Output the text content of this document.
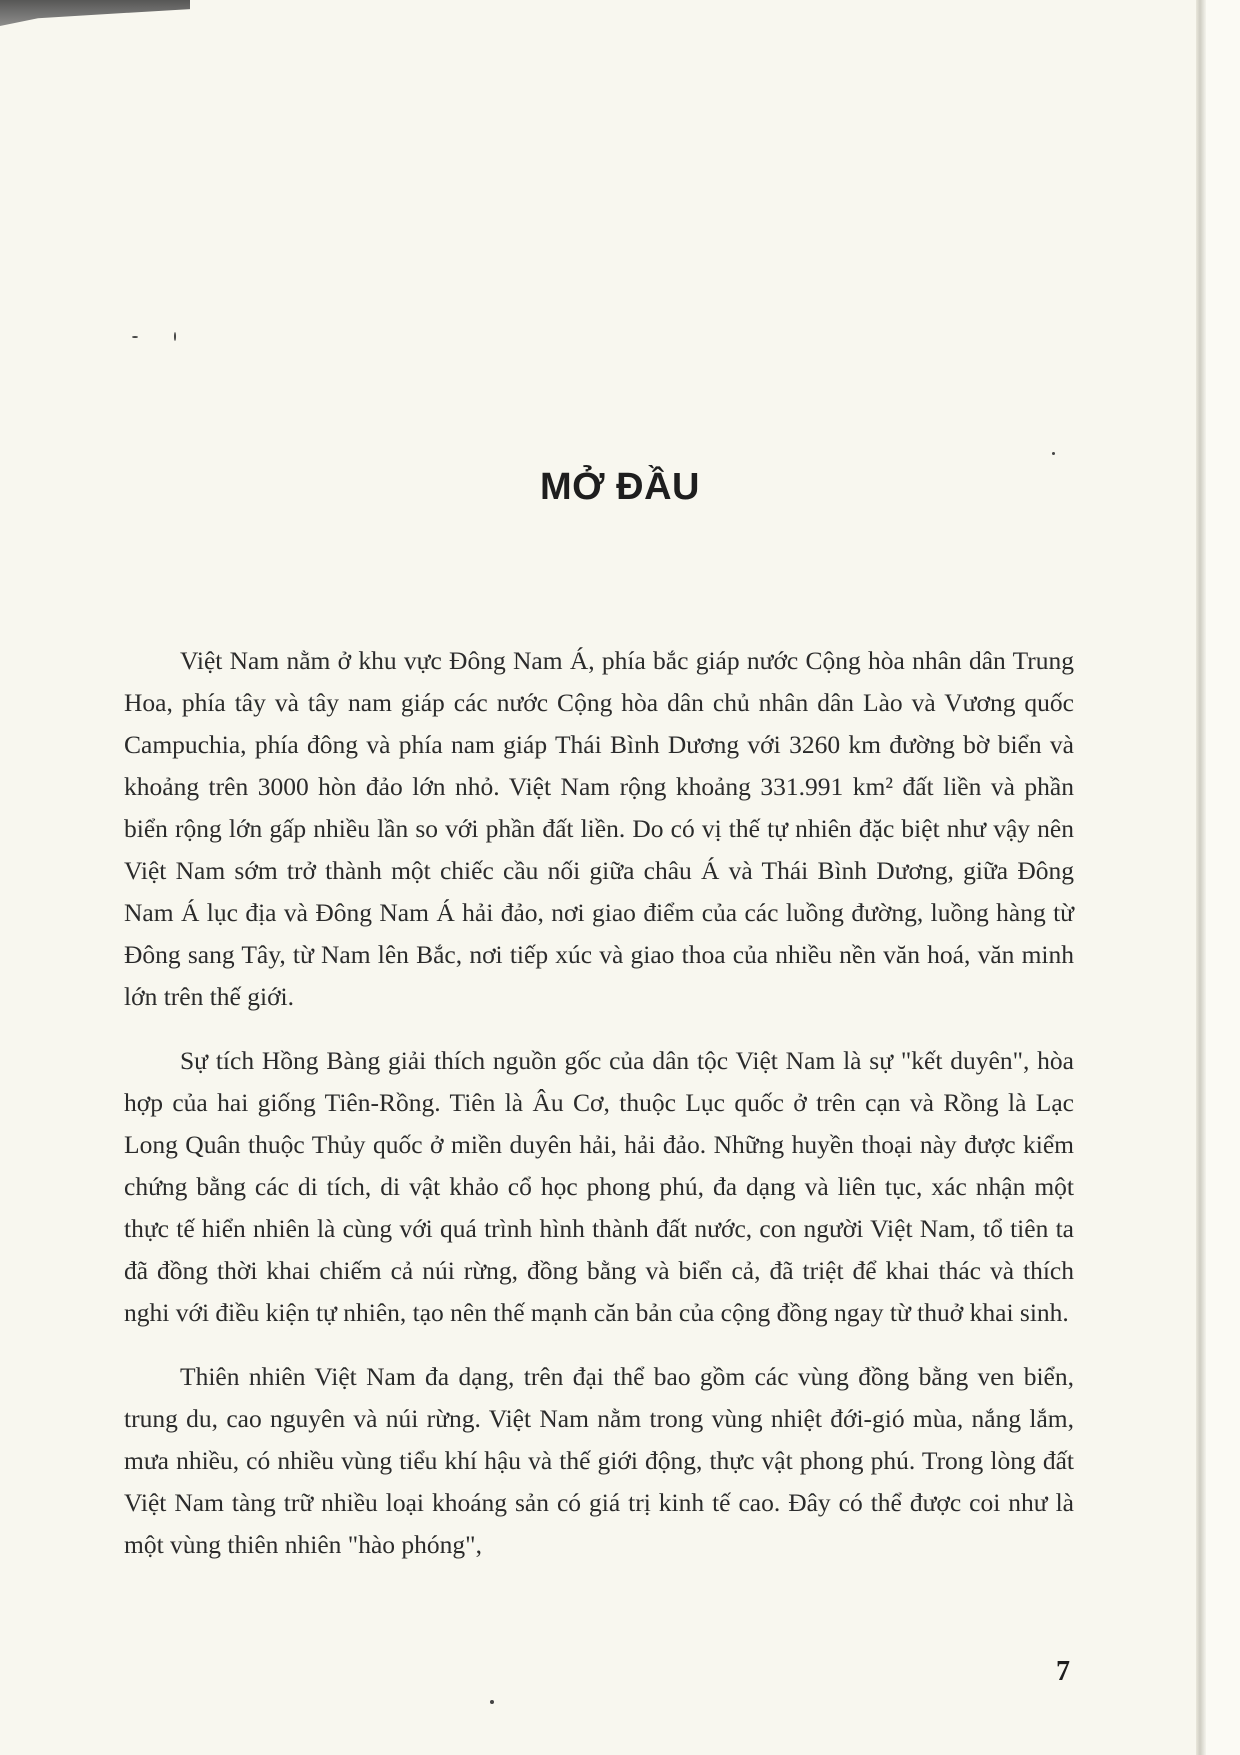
MỞ ĐẦU

Việt Nam nằm ở khu vực Đông Nam Á, phía bắc giáp nước Cộng hòa nhân dân Trung Hoa, phía tây và tây nam giáp các nước Cộng hòa dân chủ nhân dân Lào và Vương quốc Campuchia, phía đông và phía nam giáp Thái Bình Dương với 3260 km đường bờ biển và khoảng trên 3000 hòn đảo lớn nhỏ. Việt Nam rộng khoảng 331.991 km² đất liền và phần biển rộng lớn gấp nhiều lần so với phần đất liền. Do có vị thế tự nhiên đặc biệt như vậy nên Việt Nam sớm trở thành một chiếc cầu nối giữa châu Á và Thái Bình Dương, giữa Đông Nam Á lục địa và Đông Nam Á hải đảo, nơi giao điểm của các luồng đường, luồng hàng từ Đông sang Tây, từ Nam lên Bắc, nơi tiếp xúc và giao thoa của nhiều nền văn hoá, văn minh lớn trên thế giới.

Sự tích Hồng Bàng giải thích nguồn gốc của dân tộc Việt Nam là sự "kết duyên", hòa hợp của hai giống Tiên-Rồng. Tiên là Âu Cơ, thuộc Lục quốc ở trên cạn và Rồng là Lạc Long Quân thuộc Thủy quốc ở miền duyên hải, hải đảo. Những huyền thoại này được kiểm chứng bằng các di tích, di vật khảo cổ học phong phú, đa dạng và liên tục, xác nhận một thực tế hiển nhiên là cùng với quá trình hình thành đất nước, con người Việt Nam, tổ tiên ta đã đồng thời khai chiếm cả núi rừng, đồng bằng và biển cả, đã triệt để khai thác và thích nghi với điều kiện tự nhiên, tạo nên thế mạnh căn bản của cộng đồng ngay từ thuở khai sinh.

Thiên nhiên Việt Nam đa dạng, trên đại thể bao gồm các vùng đồng bằng ven biển, trung du, cao nguyên và núi rừng. Việt Nam nằm trong vùng nhiệt đới-gió mùa, nắng lắm, mưa nhiều, có nhiều vùng tiểu khí hậu và thế giới động, thực vật phong phú. Trong lòng đất Việt Nam tàng trữ nhiều loại khoáng sản có giá trị kinh tế cao. Đây có thể được coi như là một vùng thiên nhiên "hào phóng",

7
